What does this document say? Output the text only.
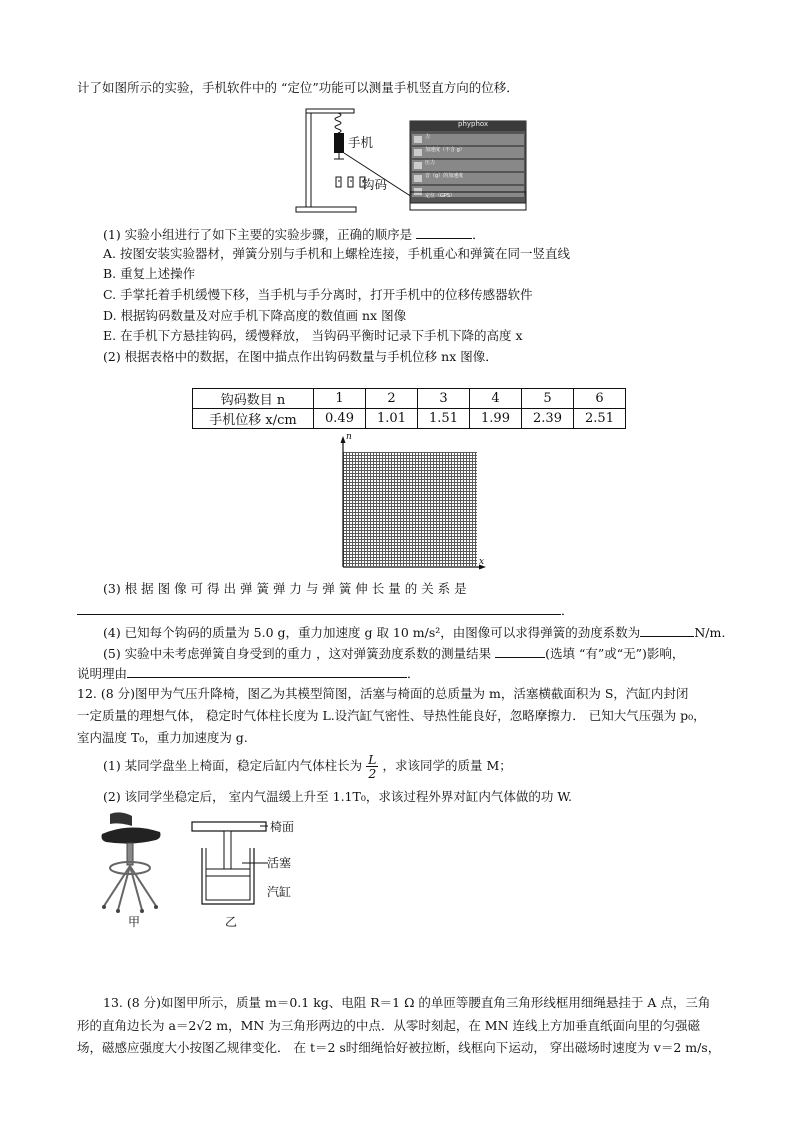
计了如图所示的实验，手机软件中的 “定位”功能可以测量手机竖直方向的位移．
phyphox
力
加速度（不含 g）
压力
音（g）的加速度
定位（GPS）
手机
钩码
(1) 实验小组进行了如下主要的实验步骤，正确的顺序是	．
A. 按图安装实验器材，弹簧分别与手机和上螺栓连接，手机重心和弹簧在同一竖直线
B. 重复上述操作
C. 手掌托着手机缓慢下移，当手机与手分离时，打开手机中的位移传感器软件
D. 根据钩码数量及对应手机下降高度的数值画 nx 图像
E. 在手机下方悬挂钩码，缓慢释放， 当钩码平衡时记录下手机下降的高度 x
(2) 根据表格中的数据，在图中描点作出钩码数量与手机位移 nx 图像．
钩码数目 n	1	2	3	4	5	6
手机位移 x/cm	0.49	1.01	1.51	1.99	2.39	2.51
n
x
(3) 根 据 图 像 可 得 出 弹 簧 弹 力 与 弹 簧 伸 长 量 的 关 系 是
．
(4) 已知每个钩码的质量为 5.0 g，重力加速度 g 取 10 m/s²，由图像可以求得弹簧的劲度系数为	N/m.
(5) 实验中未考虑弹簧自身受到的重力 ，这对弹簧劲度系数的测量结果	(选填 “有”或“无”)影响，
说明理由	．
12. (8 分)图甲为气压升降椅，图乙为其模型简图，活塞与椅面的总质量为 m，活塞横截面积为 S，汽缸内封闭
一定质量的理想气体， 稳定时气体柱长度为 L.设汽缸气密性、导热性能良好，忽略摩擦力． 已知大气压强为 p₀，
室内温度 T₀，重力加速度为 g.
(1) 某同学盘坐上椅面，稳定后缸内气体柱长为 $\frac{L}{2}$ ，求该同学的质量 M；
(2) 该同学坐稳定后， 室内气温缓上升至 1.1T₀，求该过程外界对缸内气体做的功 W.
椅面
活塞
汽缸
甲	乙
13. (8 分)如图甲所示，质量 m＝0.1 kg、电阻 R＝1 Ω 的单匝等腰直角三角形线框用细绳悬挂于 A 点，三角
形的直角边长为 a＝2√2 m，MN 为三角形两边的中点．从零时刻起，在 MN 连线上方加垂直纸面向里的匀强磁
场，磁感应强度大小按图乙规律变化． 在 t＝2 s时细绳恰好被拉断，线框向下运动， 穿出磁场时速度为 v＝2 m/s，
